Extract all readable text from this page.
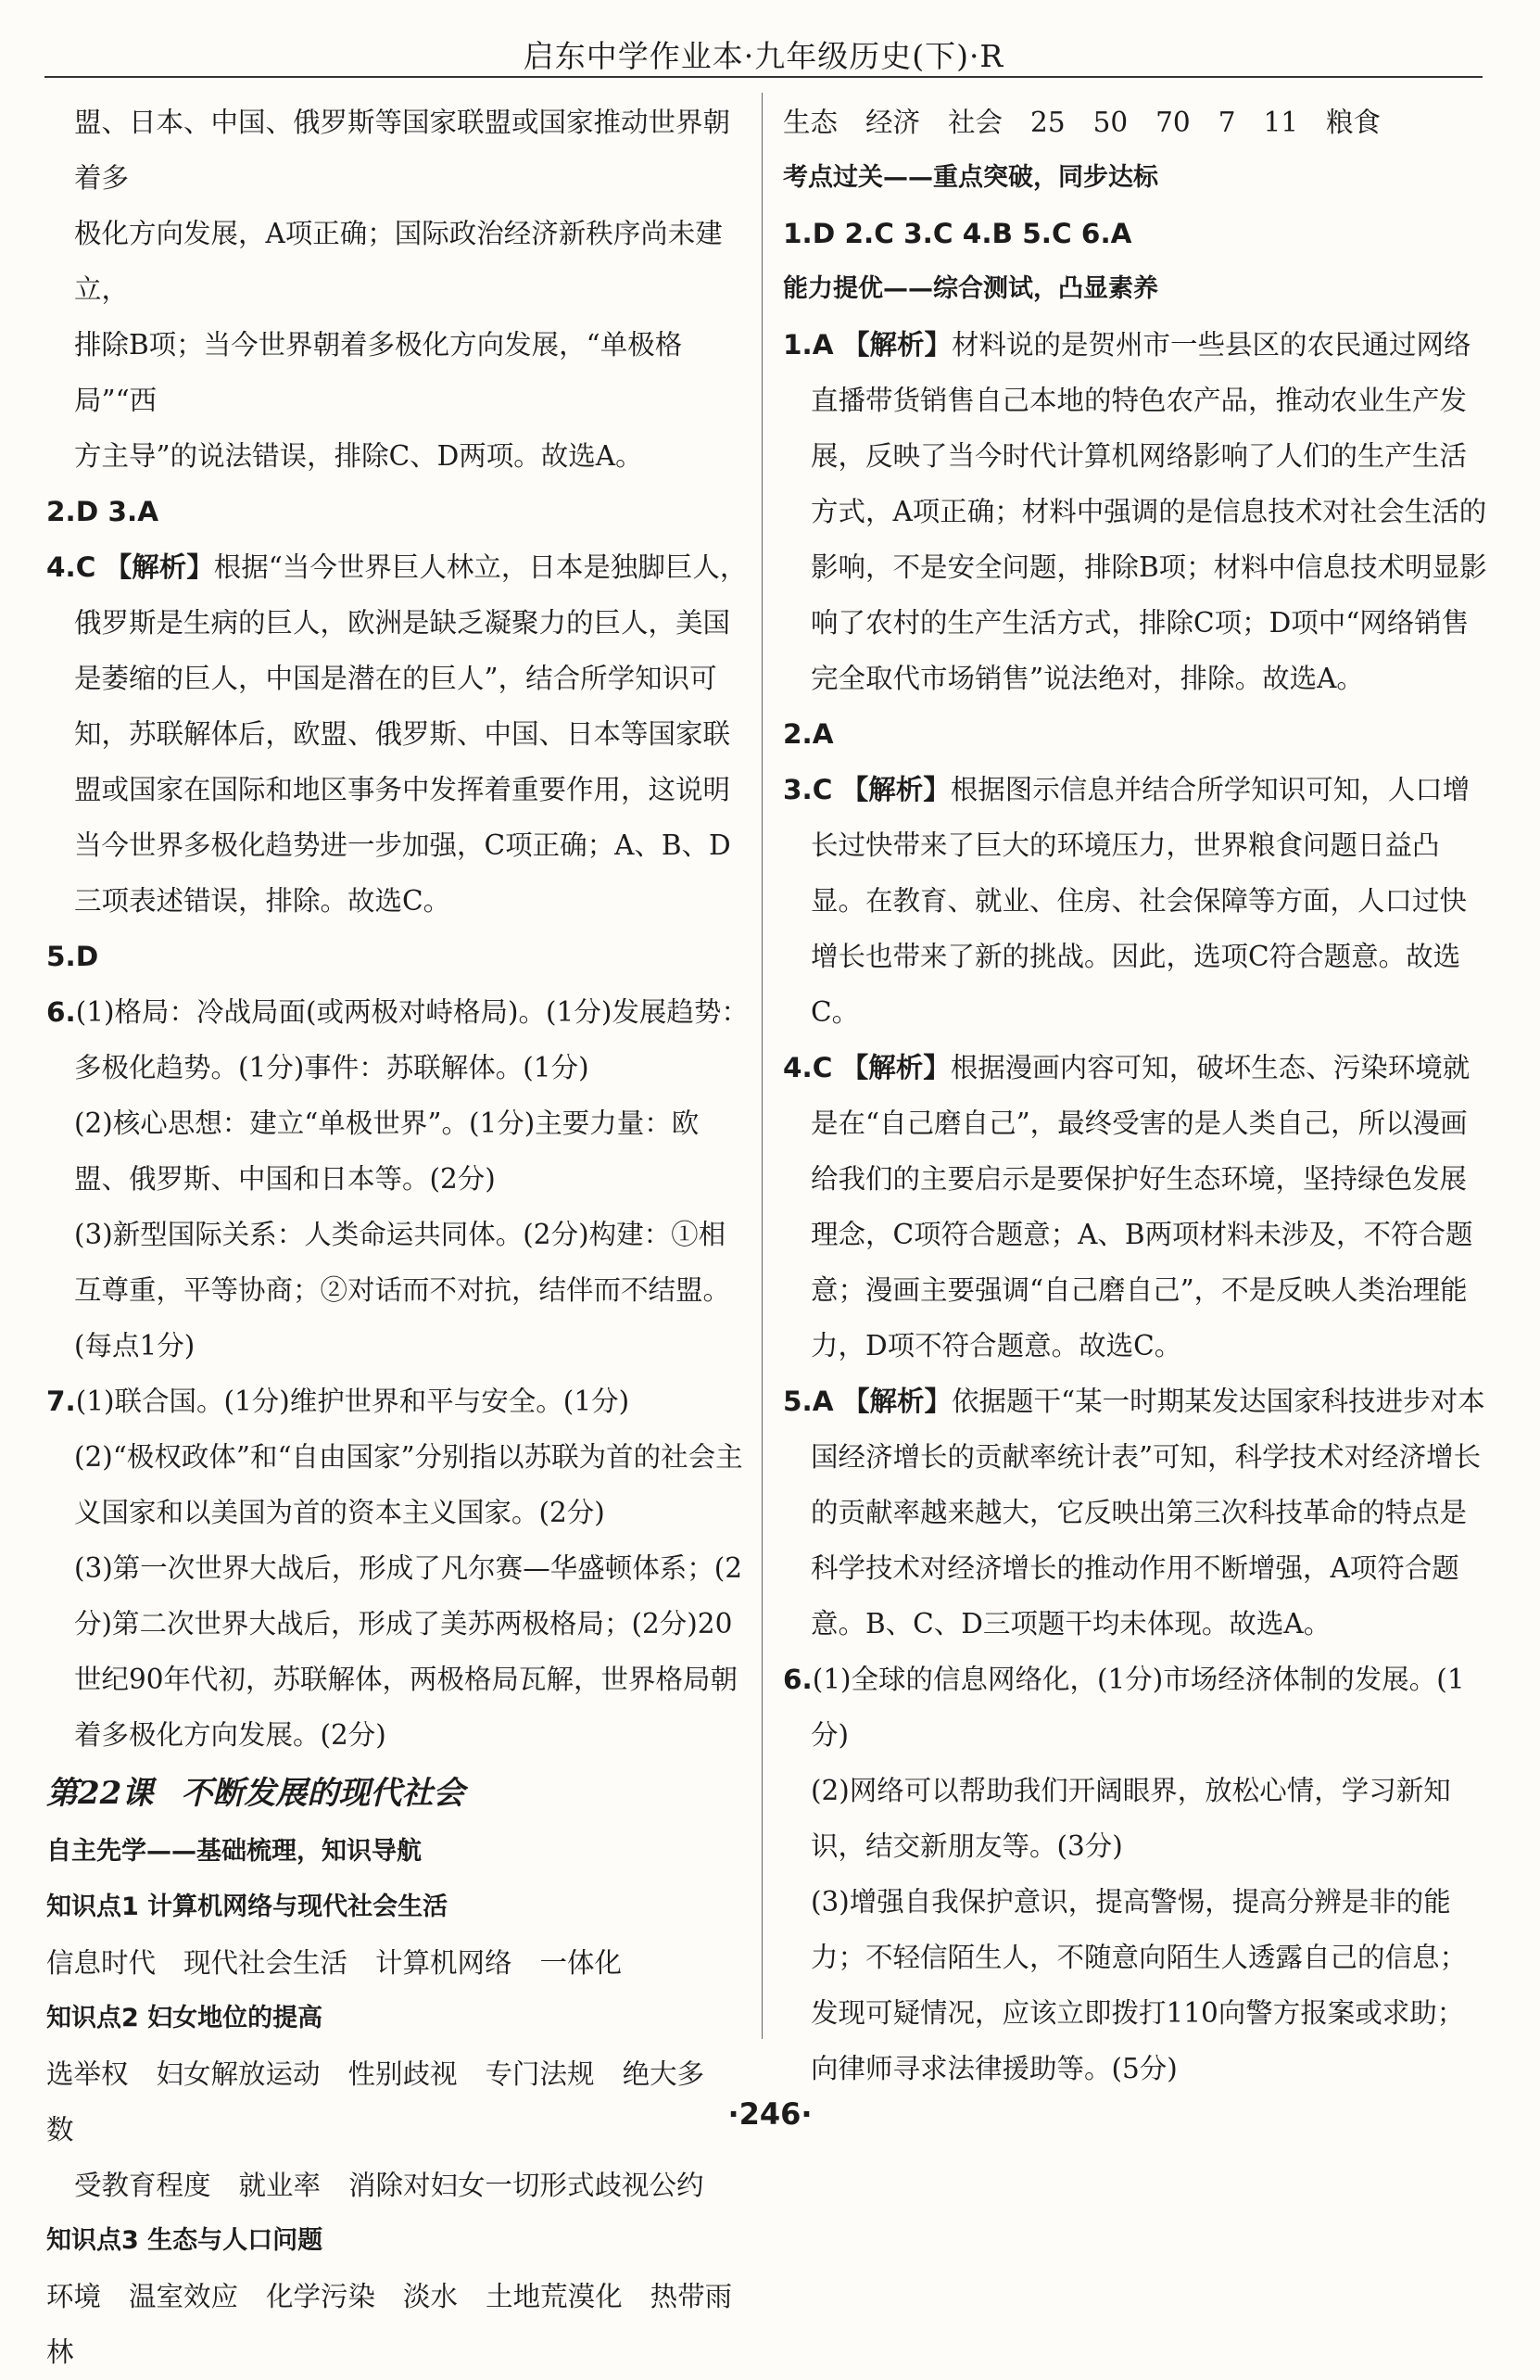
启东中学作业本·九年级历史(下)·R

盟、日本、中国、俄罗斯等国家联盟或国家推动世界朝着多

极化方向发展，A项正确；国际政治经济新秩序尚未建立，

排除B项；当今世界朝着多极化方向发展，“单极格局”“西

方主导”的说法错误，排除C、D两项。故选A。

2.D 3.A

4.C 【解析】根据“当今世界巨人林立，日本是独脚巨人，俄罗斯是生病的巨人，欧洲是缺乏凝聚力的巨人，美国是萎缩的巨人，中国是潜在的巨人”，结合所学知识可知，苏联解体后，欧盟、俄罗斯、中国、日本等国家联盟或国家在国际和地区事务中发挥着重要作用，这说明当今世界多极化趋势进一步加强，C项正确；A、B、D三项表述错误，排除。故选C。

5.D

6.(1)格局：冷战局面(或两极对峙格局)。(1分)发展趋势：多极化趋势。(1分)事件：苏联解体。(1分)

(2)核心思想：建立“单极世界”。(1分)主要力量：欧盟、俄罗斯、中国和日本等。(2分)

(3)新型国际关系：人类命运共同体。(2分)构建：①相互尊重，平等协商；②对话而不对抗，结伴而不结盟。(每点1分)

7.(1)联合国。(1分)维护世界和平与安全。(1分)

(2)“极权政体”和“自由国家”分别指以苏联为首的社会主义国家和以美国为首的资本主义国家。(2分)

(3)第一次世界大战后，形成了凡尔赛—华盛顿体系；(2分)第二次世界大战后，形成了美苏两极格局；(2分)20世纪90年代初，苏联解体，两极格局瓦解，世界格局朝着多极化方向发展。(2分)

第22课 不断发展的现代社会

自主先学——基础梳理，知识导航

知识点1 计算机网络与现代社会生活

信息时代 现代社会生活 计算机网络 一体化

知识点2 妇女地位的提高

选举权 妇女解放运动 性别歧视 专门法规 绝大多数

受教育程度 就业率 消除对妇女一切形式歧视公约

知识点3 生态与人口问题

环境 温室效应 化学污染 淡水 土地荒漠化 热带雨林

生态 经济 社会 25 50 70 7 11 粮食

考点过关——重点突破，同步达标

1.D 2.C 3.C 4.B 5.C 6.A

能力提优——综合测试，凸显素养

1.A 【解析】材料说的是贺州市一些县区的农民通过网络直播带货销售自己本地的特色农产品，推动农业生产发展，反映了当今时代计算机网络影响了人们的生产生活方式，A项正确；材料中强调的是信息技术对社会生活的影响，不是安全问题，排除B项；材料中信息技术明显影响了农村的生产生活方式，排除C项；D项中“网络销售完全取代市场销售”说法绝对，排除。故选A。

2.A

3.C 【解析】根据图示信息并结合所学知识可知，人口增长过快带来了巨大的环境压力，世界粮食问题日益凸显。在教育、就业、住房、社会保障等方面，人口过快增长也带来了新的挑战。因此，选项C符合题意。故选C。

4.C 【解析】根据漫画内容可知，破坏生态、污染环境就是在“自己磨自己”，最终受害的是人类自己，所以漫画给我们的主要启示是要保护好生态环境，坚持绿色发展理念，C项符合题意；A、B两项材料未涉及，不符合题意；漫画主要强调“自己磨自己”，不是反映人类治理能力，D项不符合题意。故选C。

5.A 【解析】依据题干“某一时期某发达国家科技进步对本国经济增长的贡献率统计表”可知，科学技术对经济增长的贡献率越来越大，它反映出第三次科技革命的特点是科学技术对经济增长的推动作用不断增强，A项符合题意。B、C、D三项题干均未体现。故选A。

6.(1)全球的信息网络化，(1分)市场经济体制的发展。(1分)

(2)网络可以帮助我们开阔眼界，放松心情，学习新知识，结交新朋友等。(3分)

(3)增强自我保护意识，提高警惕，提高分辨是非的能力；不轻信陌生人，不随意向陌生人透露自己的信息；发现可疑情况，应该立即拨打110向警方报案或求助；向律师寻求法律援助等。(5分)

·246·
